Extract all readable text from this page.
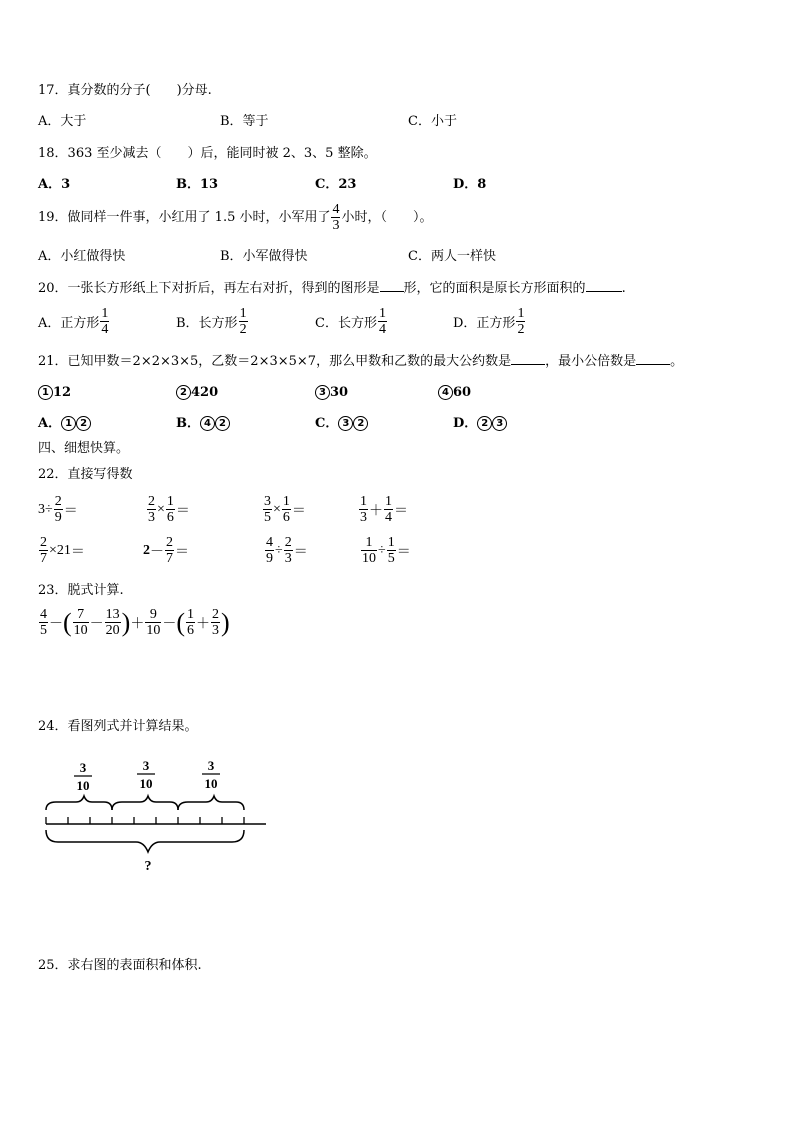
17．真分数的分子(　　)分母.
A．大于	B．等于	C．小于
18．363 至少减去（　　）后，能同时被 2、3、5 整除。
A．3	B．13	C．23	D．8
19．做同样一件事，小红用了 1.5 小时，小军用了 $\frac{4}{3}$ 小时，（　　）。
A．小红做得快	B．小军做得快	C．两人一样快
20．一张长方形纸上下对折后，再左右对折，得到的图形是 形，它的面积是原长方形面积的	.
A．正方形 $\frac{1}{4}$	B．长方形 $\frac{1}{2}$	C．长方形 $\frac{1}{4}$	D．正方形 $\frac{1}{2}$
21．已知甲数＝2×2×3×5，乙数＝2×3×5×7，那么甲数和乙数的最大公约数是	，最小公倍数是	。
1 12	2 420	3 30	4 60
A． 1 2	B． 4 2	C． 3 2	D． 2 3
四、细想快算。
22．直接写得数
$3 \div \frac{2}{9}$ ＝	$\frac{2}{3} \times \frac{1}{6}$ ＝	$\frac{3}{5} \times \frac{1}{6}$ ＝	$\frac{1}{3} + \frac{1}{4}$ ＝
$\frac{2}{7} \times 21$ ＝	$2 - \frac{2}{7}$ ＝	$\frac{4}{9} \div \frac{2}{3}$ ＝	$\frac{1}{10} \div \frac{1}{5}$ ＝
23．脱式计算.
$\frac{4}{5}$ － ( $\frac{7}{10} - \frac{13}{20}$ ) ＋ $\frac{9}{10}$ － ( $\frac{1}{6} + \frac{2}{3}$ )
24．看图列式并计算结果。
3
10
3
10
3
10
?
25．求右图的表面积和体积.
